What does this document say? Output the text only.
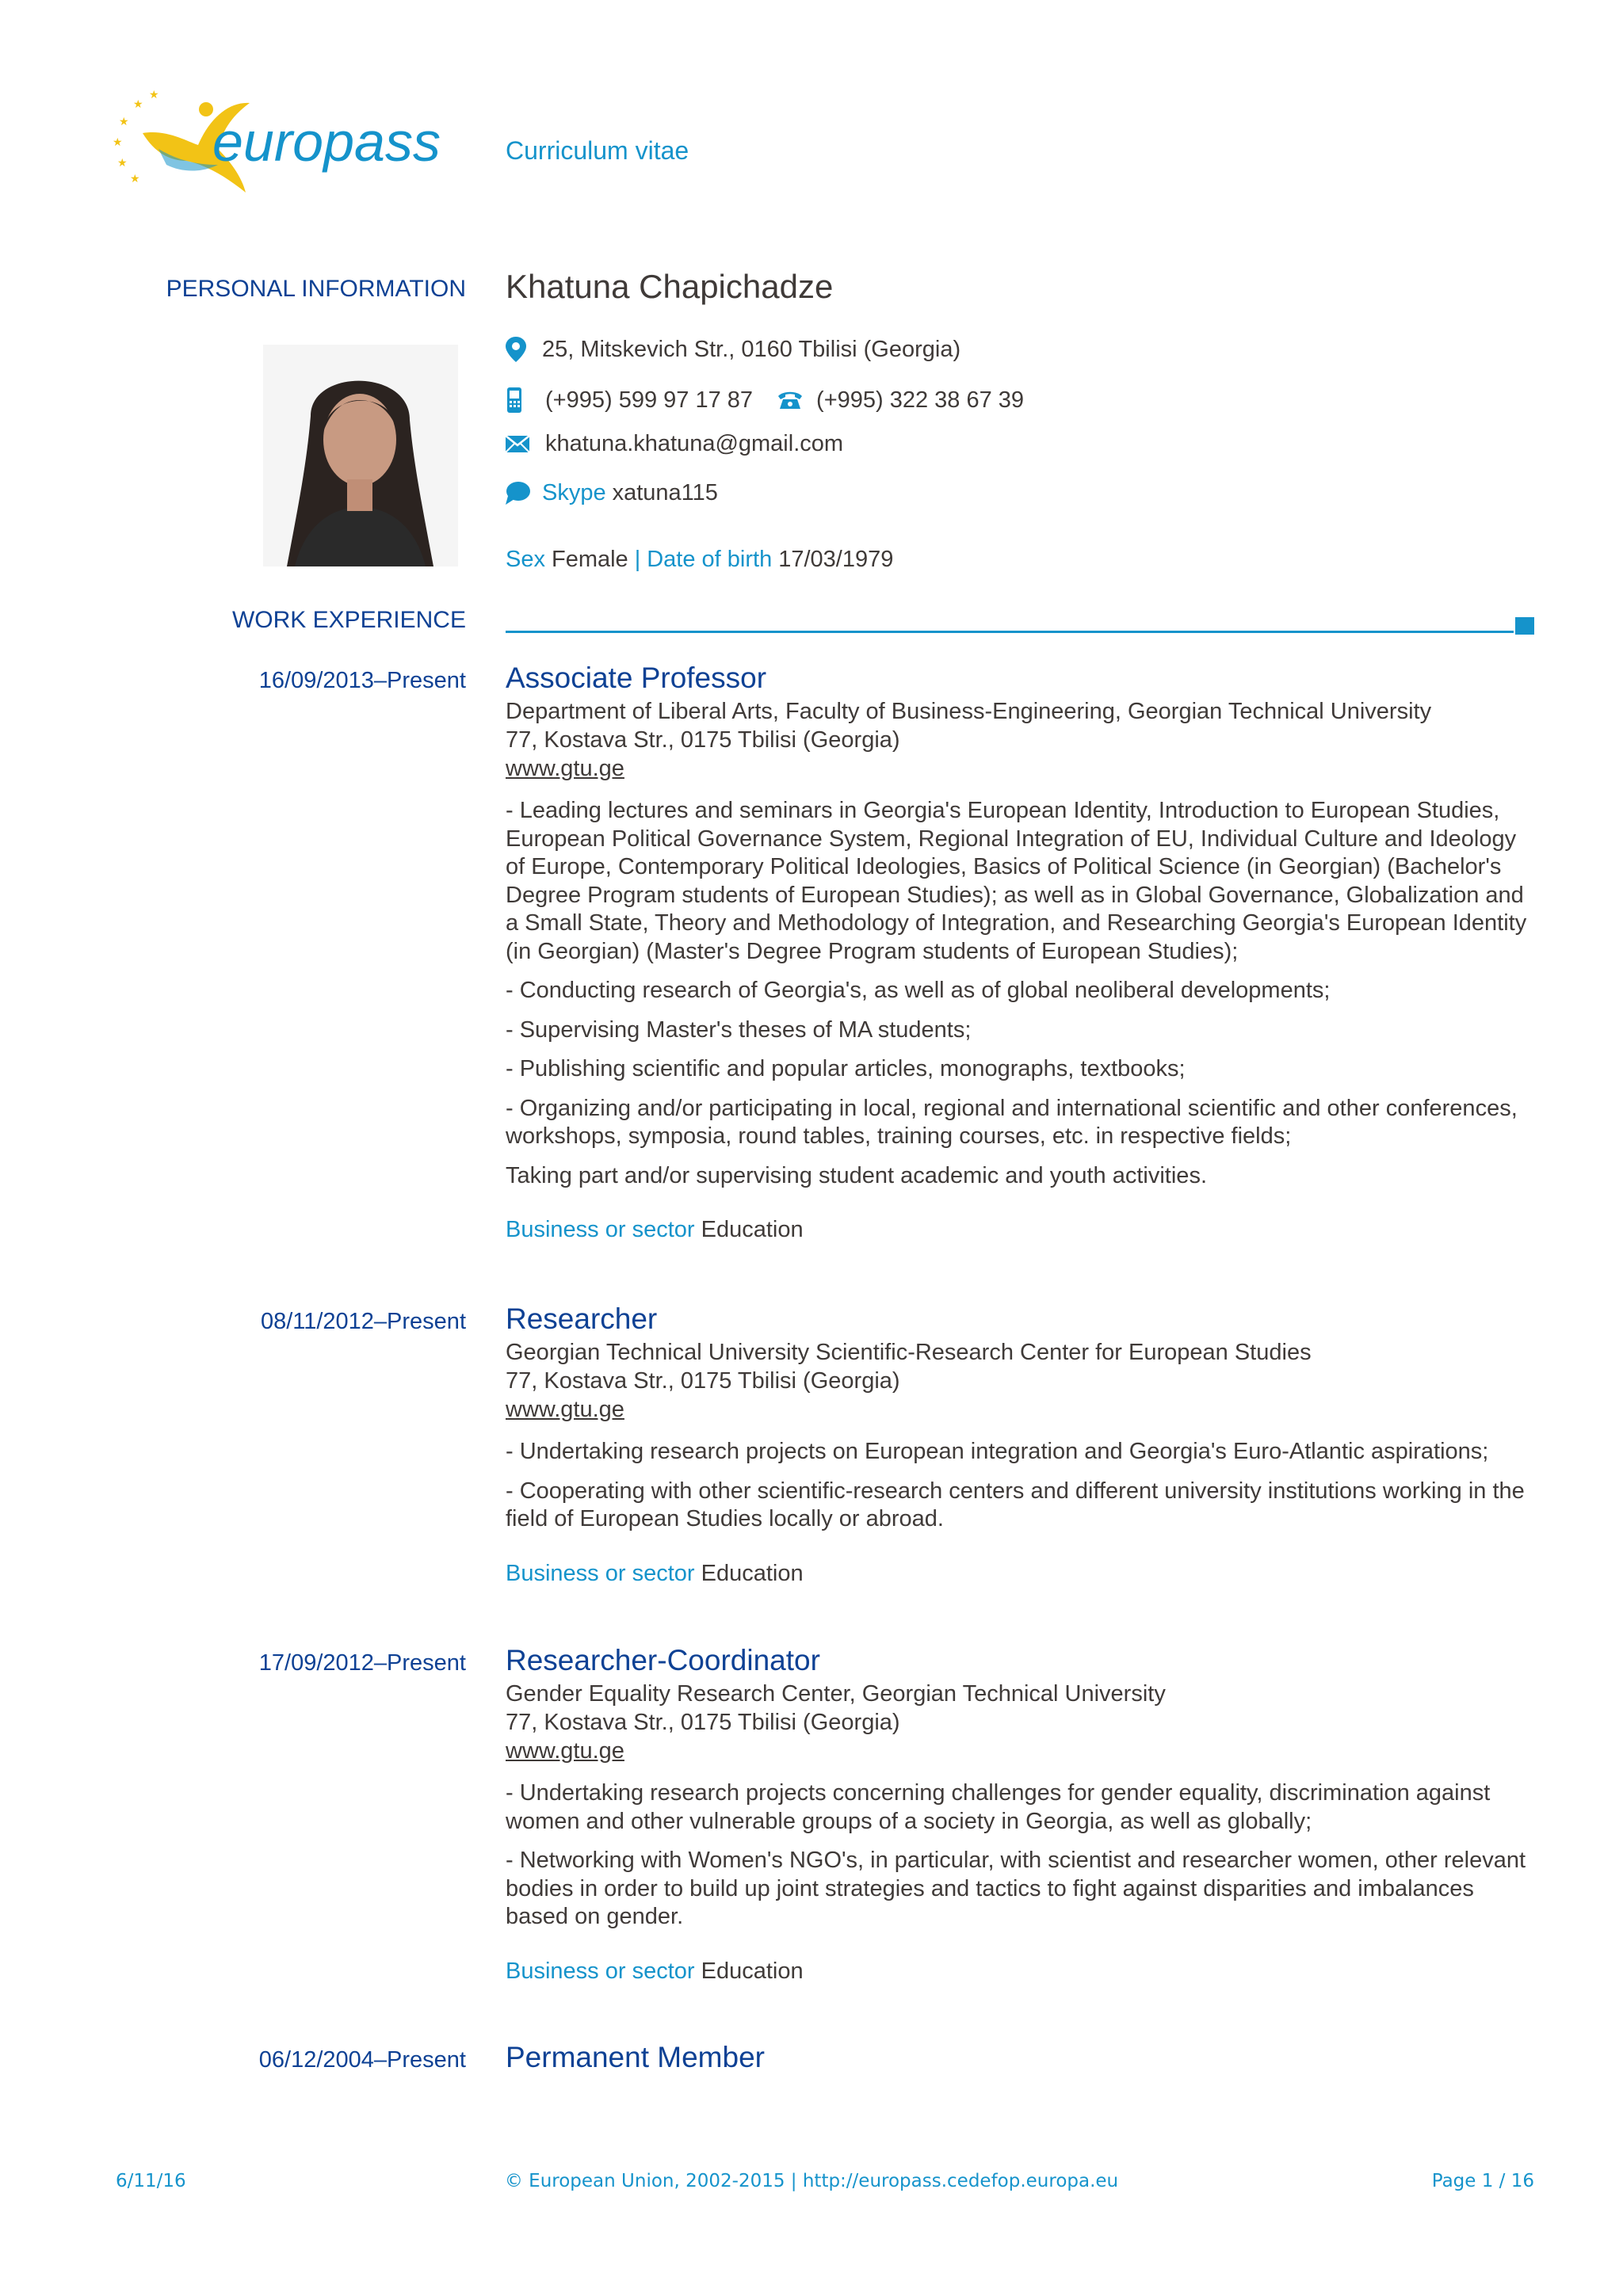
★
★
★
★
★
★
europass	Curriculum vitae
PERSONAL INFORMATION Khatuna Chapichadze
25, Mitskevich Str., 0160 Tbilisi (Georgia)
(+995) 599 97 17 87	(+995) 322 38 67 39
khatuna.khatuna@gmail.com
Skype xatuna115
Sex Female | Date of birth 17/03/1979
WORK EXPERIENCE
16/09/2013–Present Associate Professor
Department of Liberal Arts, Faculty of Business-Engineering, Georgian Technical University
77, Kostava Str., 0175 Tbilisi (Georgia)
www.gtu.ge
- Leading lectures and seminars in Georgia's European Identity, Introduction to European Studies, European Political Governance System, Regional Integration of EU, Individual Culture and Ideology of Europe, Contemporary Political Ideologies, Basics of Political Science (in Georgian) (Bachelor's Degree Program students of European Studies); as well as in Global Governance, Globalization and a Small State, Theory and Methodology of Integration, and Researching Georgia's European Identity (in Georgian) (Master's Degree Program students of European Studies);
- Conducting research of Georgia's, as well as of global neoliberal developments;
- Supervising Master's theses of MA students;
- Publishing scientific and popular articles, monographs, textbooks;
- Organizing and/or participating in local, regional and international scientific and other conferences, workshops, symposia, round tables, training courses, etc. in respective fields;
Taking part and/or supervising student academic and youth activities.
Business or sector Education
08/11/2012–Present Researcher
Georgian Technical University Scientific-Research Center for European Studies
77, Kostava Str., 0175 Tbilisi (Georgia)
www.gtu.ge
- Undertaking research projects on European integration and Georgia's Euro-Atlantic aspirations;
- Cooperating with other scientific-research centers and different university institutions working in the field of European Studies locally or abroad.
Business or sector Education
17/09/2012–Present Researcher-Coordinator
Gender Equality Research Center, Georgian Technical University
77, Kostava Str., 0175 Tbilisi (Georgia)
www.gtu.ge
- Undertaking research projects concerning challenges for gender equality, discrimination against women and other vulnerable groups of a society in Georgia, as well as globally;
- Networking with Women's NGO's, in particular, with scientist and researcher women, other relevant bodies in order to build up joint strategies and tactics to fight against disparities and imbalances based on gender.
Business or sector Education
06/12/2004–Present Permanent Member
6/11/16	© European Union, 2002-2015 | http://europass.cedefop.europa.eu	Page 1 / 16
